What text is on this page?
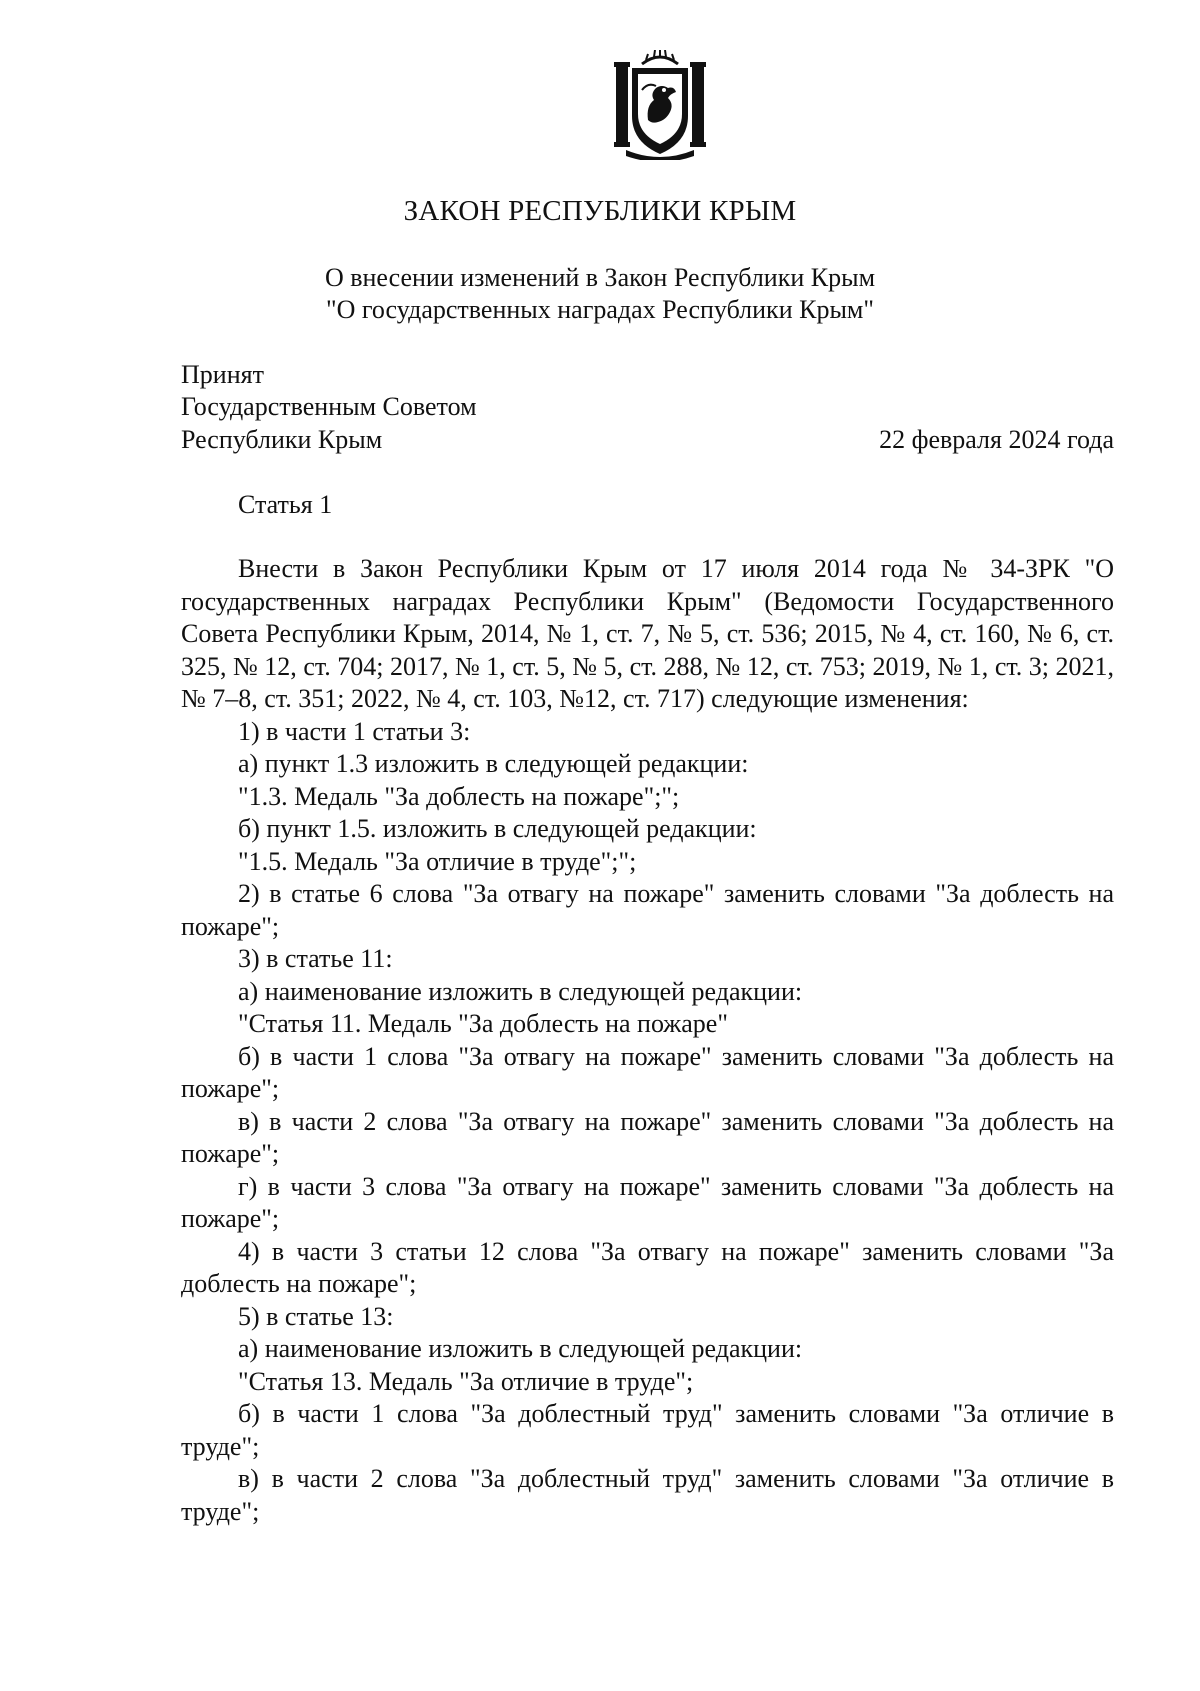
ЗАКОН РЕСПУБЛИКИ КРЫМ
О внесении изменений в Закон Республики Крым
"О государственных наградах Республики Крым"
Принят
Государственным Советом
Республики Крым	22 февраля 2024 года
Статья 1

Внести в Закон Республики Крым от 17 июля 2014 года № 34-ЗРК "О государственных наградах Республики Крым" (Ведомости Государственного Совета Республики Крым, 2014, № 1, ст. 7, № 5, ст. 536; 2015, № 4, ст. 160, № 6, ст. 325, № 12, ст. 704; 2017, № 1, ст. 5, № 5, ст. 288, № 12, ст. 753; 2019, № 1, ст. 3; 2021, № 7–8, ст. 351; 2022, № 4, ст. 103, №12, ст. 717) следующие изменения:

1) в части 1 статьи 3:

а) пункт 1.3 изложить в следующей редакции:

"1.3. Медаль "За доблесть на пожаре";";

б) пункт 1.5. изложить в следующей редакции:

"1.5. Медаль "За отличие в труде";";

2) в статье 6 слова "За отвагу на пожаре" заменить словами "За доблесть на пожаре";

3) в статье 11:

а) наименование изложить в следующей редакции:

"Статья 11. Медаль "За доблесть на пожаре"

б) в части 1 слова "За отвагу на пожаре" заменить словами "За доблесть на пожаре";

в) в части 2 слова "За отвагу на пожаре" заменить словами "За доблесть на пожаре";

г) в части 3 слова "За отвагу на пожаре" заменить словами "За доблесть на пожаре";

4) в части 3 статьи 12 слова "За отвагу на пожаре" заменить словами "За доблесть на пожаре";

5) в статье 13:

а) наименование изложить в следующей редакции:

"Статья 13. Медаль "За отличие в труде";

б) в части 1 слова "За доблестный труд" заменить словами "За отличие в труде";

в) в части 2 слова "За доблестный труд" заменить словами "За отличие в труде";
